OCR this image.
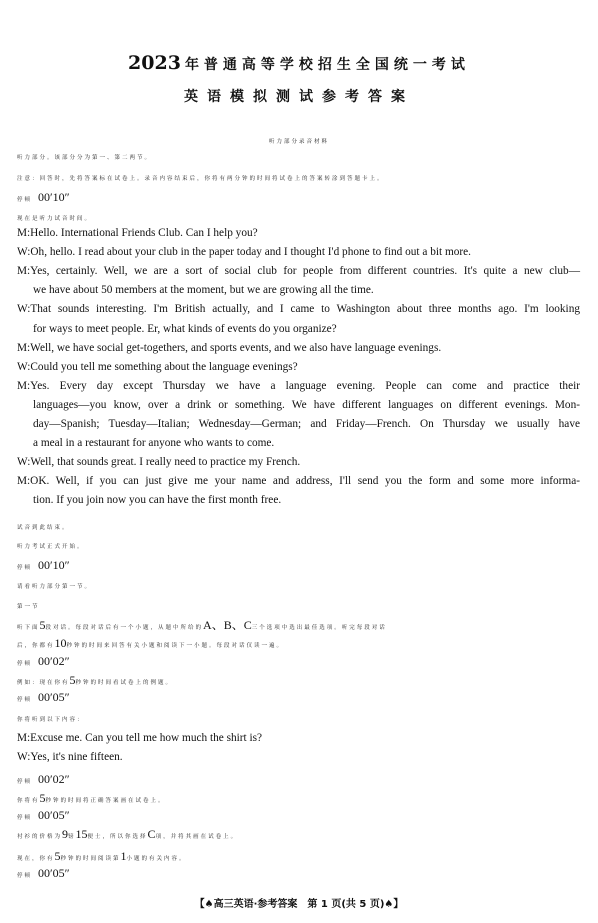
2023 年普通高等学校招生全国统一考试
英语模拟测试参考答案
听力部分录音材料
听力部分。该部分分为第一、第二两节。
注意：回答时，先将答案标在试卷上。录音内容结束后，你将有两分钟的时间将试卷上的答案转涂到答题卡上。
停顿 00′10″
现在是听力试音时间。
M:Hello. International Friends Club. Can I help you?
W:Oh, hello. I read about your club in the paper today and I thought I'd phone to find out a bit more.
M:Yes, certainly. Well, we are a sort of social club for people from different countries. It's quite a new club—
we have about 50 members at the moment, but we are growing all the time.
W:That sounds interesting. I'm British actually, and I came to Washington about three months ago. I'm looking
for ways to meet people. Er, what kinds of events do you organize?
M:Well, we have social get-togethers, and sports events, and we also have language evenings.
W:Could you tell me something about the language evenings?
M:Yes. Every day except Thursday we have a language evening. People can come and practice their
languages—you know, over a drink or something. We have different languages on different evenings. Mon-
day—Spanish; Tuesday—Italian; Wednesday—German; and Friday—French. On Thursday we usually have
a meal in a restaurant for anyone who wants to come.
W:Well, that sounds great. I really need to practice my French.
M:OK. Well, if you can just give me your name and address, I'll send you the form and some more informa-
tion. If you join now you can have the first month free.
试音到此结束。
听力考试正式开始。
停顿 00′10″
请看听力部分第一节。
第一节
听下面5段对话。每段对话后有一个小题，从题中所给的A、B、C三个选项中选出最佳选项。听完每段对话
后，你都有10秒钟的时间来回答有关小题和阅读下一小题。每段对话仅读一遍。
停顿 00′02″
例如：现在你有5秒钟的时间看试卷上的例题。
停顿 00′05″
你将听到以下内容：
M:Excuse me. Can you tell me how much the shirt is?
W:Yes, it's nine fifteen.
停顿 00′02″
你将有5秒钟的时间将正确答案画在试卷上。
停顿 00′05″
衬衫的价格为9镑15便士，所以你选择C项，并将其画在试卷上。
现在，你有5秒钟的时间阅读第1小题的有关内容。
停顿 00′05″
【♠高三英语·参考答案　第 1 页(共 5 页)♠】
